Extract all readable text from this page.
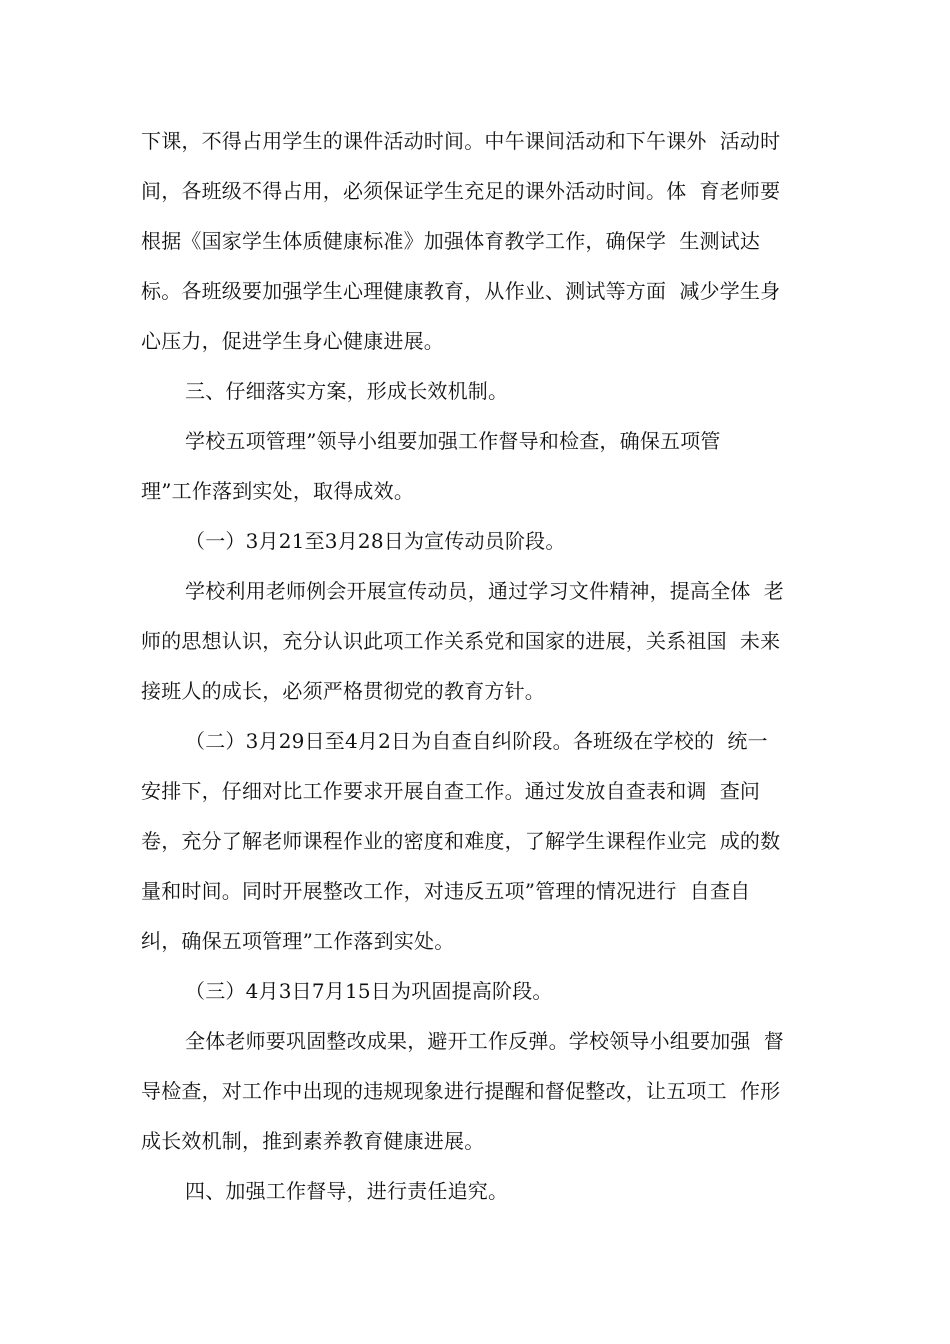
下课，不得占用学生的课件活动时间。中午课间活动和下午课外  活动时
间，各班级不得占用，必须保证学生充足的课外活动时间。体  育老师要
根据《国家学生体质健康标准》加强体育教学工作，确保学  生测试达
标。各班级要加强学生心理健康教育，从作业、测试等方面  减少学生身
心压力，促进学生身心健康进展。
三、仔细落实方案，形成长效机制。
学校五项管理”领导小组要加强工作督导和检查，确保五项管
理”工作落到实处，取得成效。
（一）3月21至3月28日为宣传动员阶段。
学校利用老师例会开展宣传动员，通过学习文件精神，提高全体  老
师的思想认识，充分认识此项工作关系党和国家的进展，关系祖国  未来
接班人的成长，必须严格贯彻党的教育方针。
（二）3月29日至4月2日为自查自纠阶段。各班级在学校的  统一
安排下，仔细对比工作要求开展自查工作。通过发放自查表和调  查问
卷，充分了解老师课程作业的密度和难度，了解学生课程作业完  成的数
量和时间。同时开展整改工作，对违反五项”管理的情况进行  自查自
纠，确保五项管理”工作落到实处。
（三）4月3日7月15日为巩固提高阶段。
全体老师要巩固整改成果，避开工作反弹。学校领导小组要加强  督
导检查，对工作中出现的违规现象进行提醒和督促整改，让五项工  作形
成长效机制，推到素养教育健康进展。
四、加强工作督导，进行责任追究。
